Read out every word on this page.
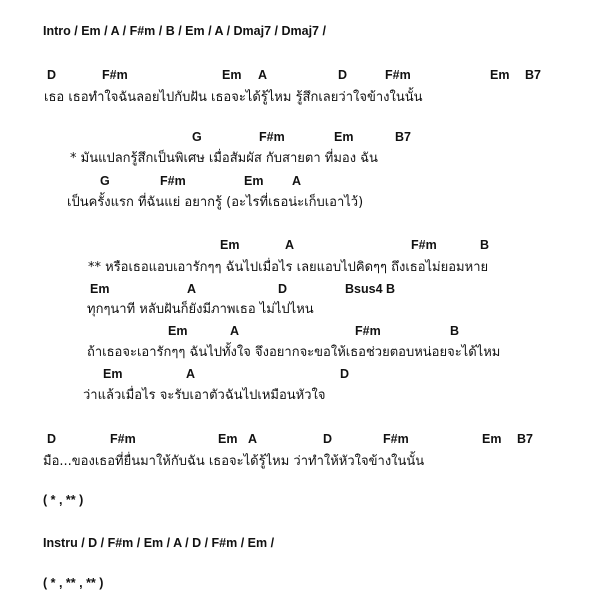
Intro / Em / A / F#m / B / Em / A / Dmaj7 / Dmaj7 /
D	F#m	Em A	D	F#m	Em B7
เธอ เธอทำใจฉันลอยไปกับฝัน เธอจะได้รู้ไหม รู้สึกเลยว่าใจข้างในนั้น
G	F#m	Em	B7
* มันแปลกรู้สึกเป็นพิเศษ เมื่อสัมผัส กับสายตา ที่มอง ฉัน
G	F#m	Em A
เป็นครั้งแรก ที่ฉันแย่ อยากรู้ (อะไรที่เธอน่ะเก็บเอาไว้)
Em	A	F#m	B
** หรือเธอแอบเอารักๆๆ ฉันไปเมื่อไร เลยแอบไปคิดๆๆ ถึงเธอไม่ยอมหาย
Em	A	D	Bsus4 B
ทุกๆนาที หลับฝันก็ยังมีภาพเธอ ไม่ไปไหน
Em	A	F#m	B
ถ้าเธอจะเอารักๆๆ ฉันไปทั้งใจ จึงอยากจะขอให้เธอช่วยตอบหน่อยจะได้ไหม
Em	A	D
ว่าแล้วเมื่อไร จะรับเอาตัวฉันไปเหมือนหัวใจ
D	F#m	Em A	D	F#m	Em B7
มือ...ของเธอที่ยื่นมาให้กับฉัน เธอจะได้รู้ไหม ว่าทำให้หัวใจข้างในนั้น
( * , ** )
Instru / D / F#m / Em / A / D / F#m / Em /
( * , ** , ** )
